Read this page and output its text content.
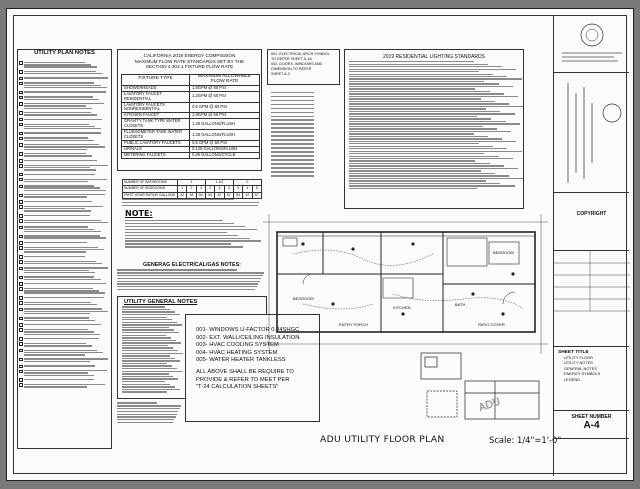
UTILITY PLAN NOTES	CALIFORNIA 2019 ENERGY COMPISSION
MAXIMUM FLOW RATE STANDARDS SET BY THE
SECTION 4.303.1 FIXTURE FLOW RATE
FIXTURE TYPE	MAXIMUM ALLOWABLE FLOW RATE
SHOWERHEADS	1.8GPM @ 80 PSI
LAVATORY FAUCET RESIDENTIAL	1.2GPM @ 60 PSI
LAVATORY FAUCETS NONRESIDENTIAL	0.5 GPM @ 60 PSI
KITCHEN FAUCET	1.8GPM @ 60 PSI
GRAVITY TANK TYPE WATER CLOSETS	1.28 GALLONS/FLUSH
FLUSHOMETER TANK WATER CLOSETS	1.28 GALLONS/FLUSH
PUBLIC LAVATORY FAUCETS	0.5 GPM @ 60 PSI
URINALS	0.125 GALLONS/FLUSH
METERING FAUCETS	0.25 GALLONS/CYCLE
001- ELECTRICAL ARCH SYMBOL
TO REFER SHEET A-1A
002- DOORS, WINDOWS AND
DIMENSION TO REFER
SHEET A-3
2019 RESIDENTIAL LIGHTING STANDARDS
NUMBER OF BATHROOMS	1			1 1/2			2		
NUMBER OF BEDROOMS	1	2	3	2	3	4	3	4	5
FIRST HOUR RATING GALLONS	42	54	54	54	67	67	54	67	67
NOTE:
GENERAG ELECTRICAL/GAS NOTES:
UTILITY GENERAL NOTES
001- WINDOWS U-FACTOR 0.34SHGC
002- EXT. WALL/CEILING INSULATION
003- HVAC COOLING SYSTEM
004- HVAC HEATING SYSTEM
005- WATER HEATER TANKLESS
ALL ABOVE SHALL BE REQUIRE TO
PROVIDE & REFER TO MEET PER
"T-24 CALCULATION SHEETS"
BEDROOM
BATH
KITCHEN
ENTRY PORCH	PATIO COVER
BEDROOM
ADU
ADU UTILITY FLOOR PLAN	Scale: 1/4"=1'-0"
COPYRIGHT
SHEET TITLE
UTILITY FLOOR
UTILITY NOTES
GENERAL NOTES
ENERGY SYMBOLS
LEGEND
SHEET NUMBER
A-4
